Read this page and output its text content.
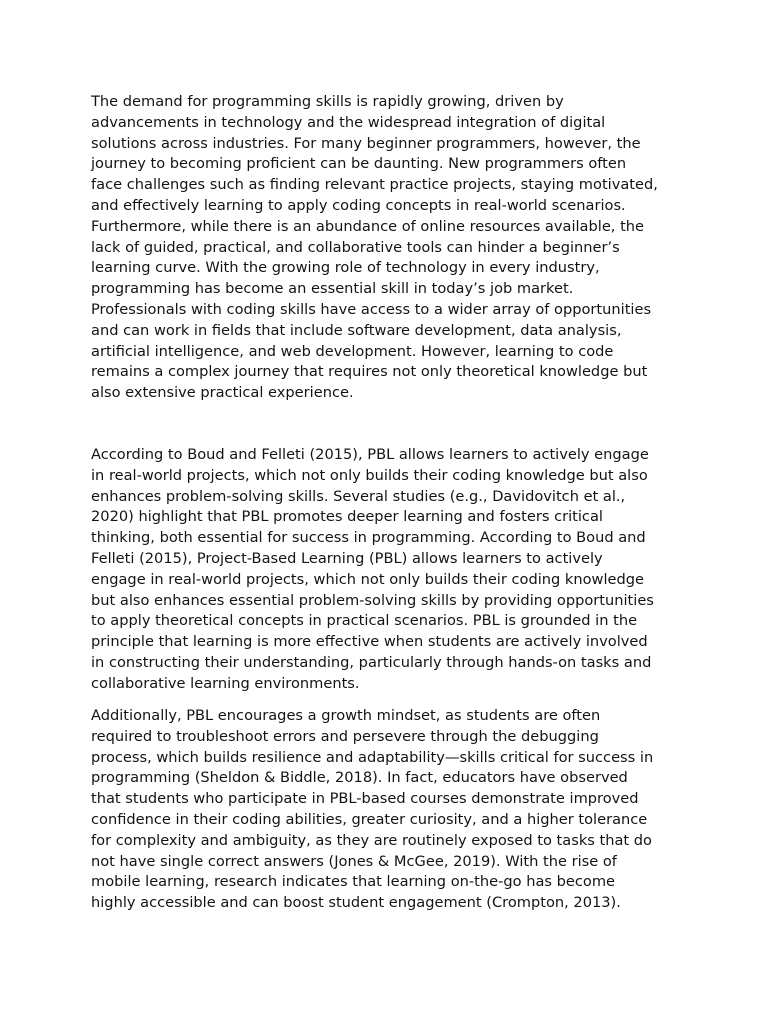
The demand for programming skills is rapidly growing, driven by
advancements in technology and the widespread integration of digital
solutions across industries. For many beginner programmers, however, the
journey to becoming proficient can be daunting. New programmers often
face challenges such as finding relevant practice projects, staying motivated,
and effectively learning to apply coding concepts in real-world scenarios.
Furthermore, while there is an abundance of online resources available, the
lack of guided, practical, and collaborative tools can hinder a beginner’s
learning curve. With the growing role of technology in every industry,
programming has become an essential skill in today’s job market.
Professionals with coding skills have access to a wider array of opportunities
and can work in fields that include software development, data analysis,
artificial intelligence, and web development. However, learning to code
remains a complex journey that requires not only theoretical knowledge but
also extensive practical experience.

According to Boud and Felleti (2015), PBL allows learners to actively engage
in real-world projects, which not only builds their coding knowledge but also
enhances problem-solving skills. Several studies (e.g., Davidovitch et al.,
2020) highlight that PBL promotes deeper learning and fosters critical
thinking, both essential for success in programming. According to Boud and
Felleti (2015), Project-Based Learning (PBL) allows learners to actively
engage in real-world projects, which not only builds their coding knowledge
but also enhances essential problem-solving skills by providing opportunities
to apply theoretical concepts in practical scenarios. PBL is grounded in the
principle that learning is more effective when students are actively involved
in constructing their understanding, particularly through hands-on tasks and
collaborative learning environments.

Additionally, PBL encourages a growth mindset, as students are often
required to troubleshoot errors and persevere through the debugging
process, which builds resilience and adaptability—skills critical for success in
programming (Sheldon & Biddle, 2018). In fact, educators have observed
that students who participate in PBL-based courses demonstrate improved
confidence in their coding abilities, greater curiosity, and a higher tolerance
for complexity and ambiguity, as they are routinely exposed to tasks that do
not have single correct answers (Jones & McGee, 2019). With the rise of
mobile learning, research indicates that learning on-the-go has become
highly accessible and can boost student engagement (Crompton, 2013).
